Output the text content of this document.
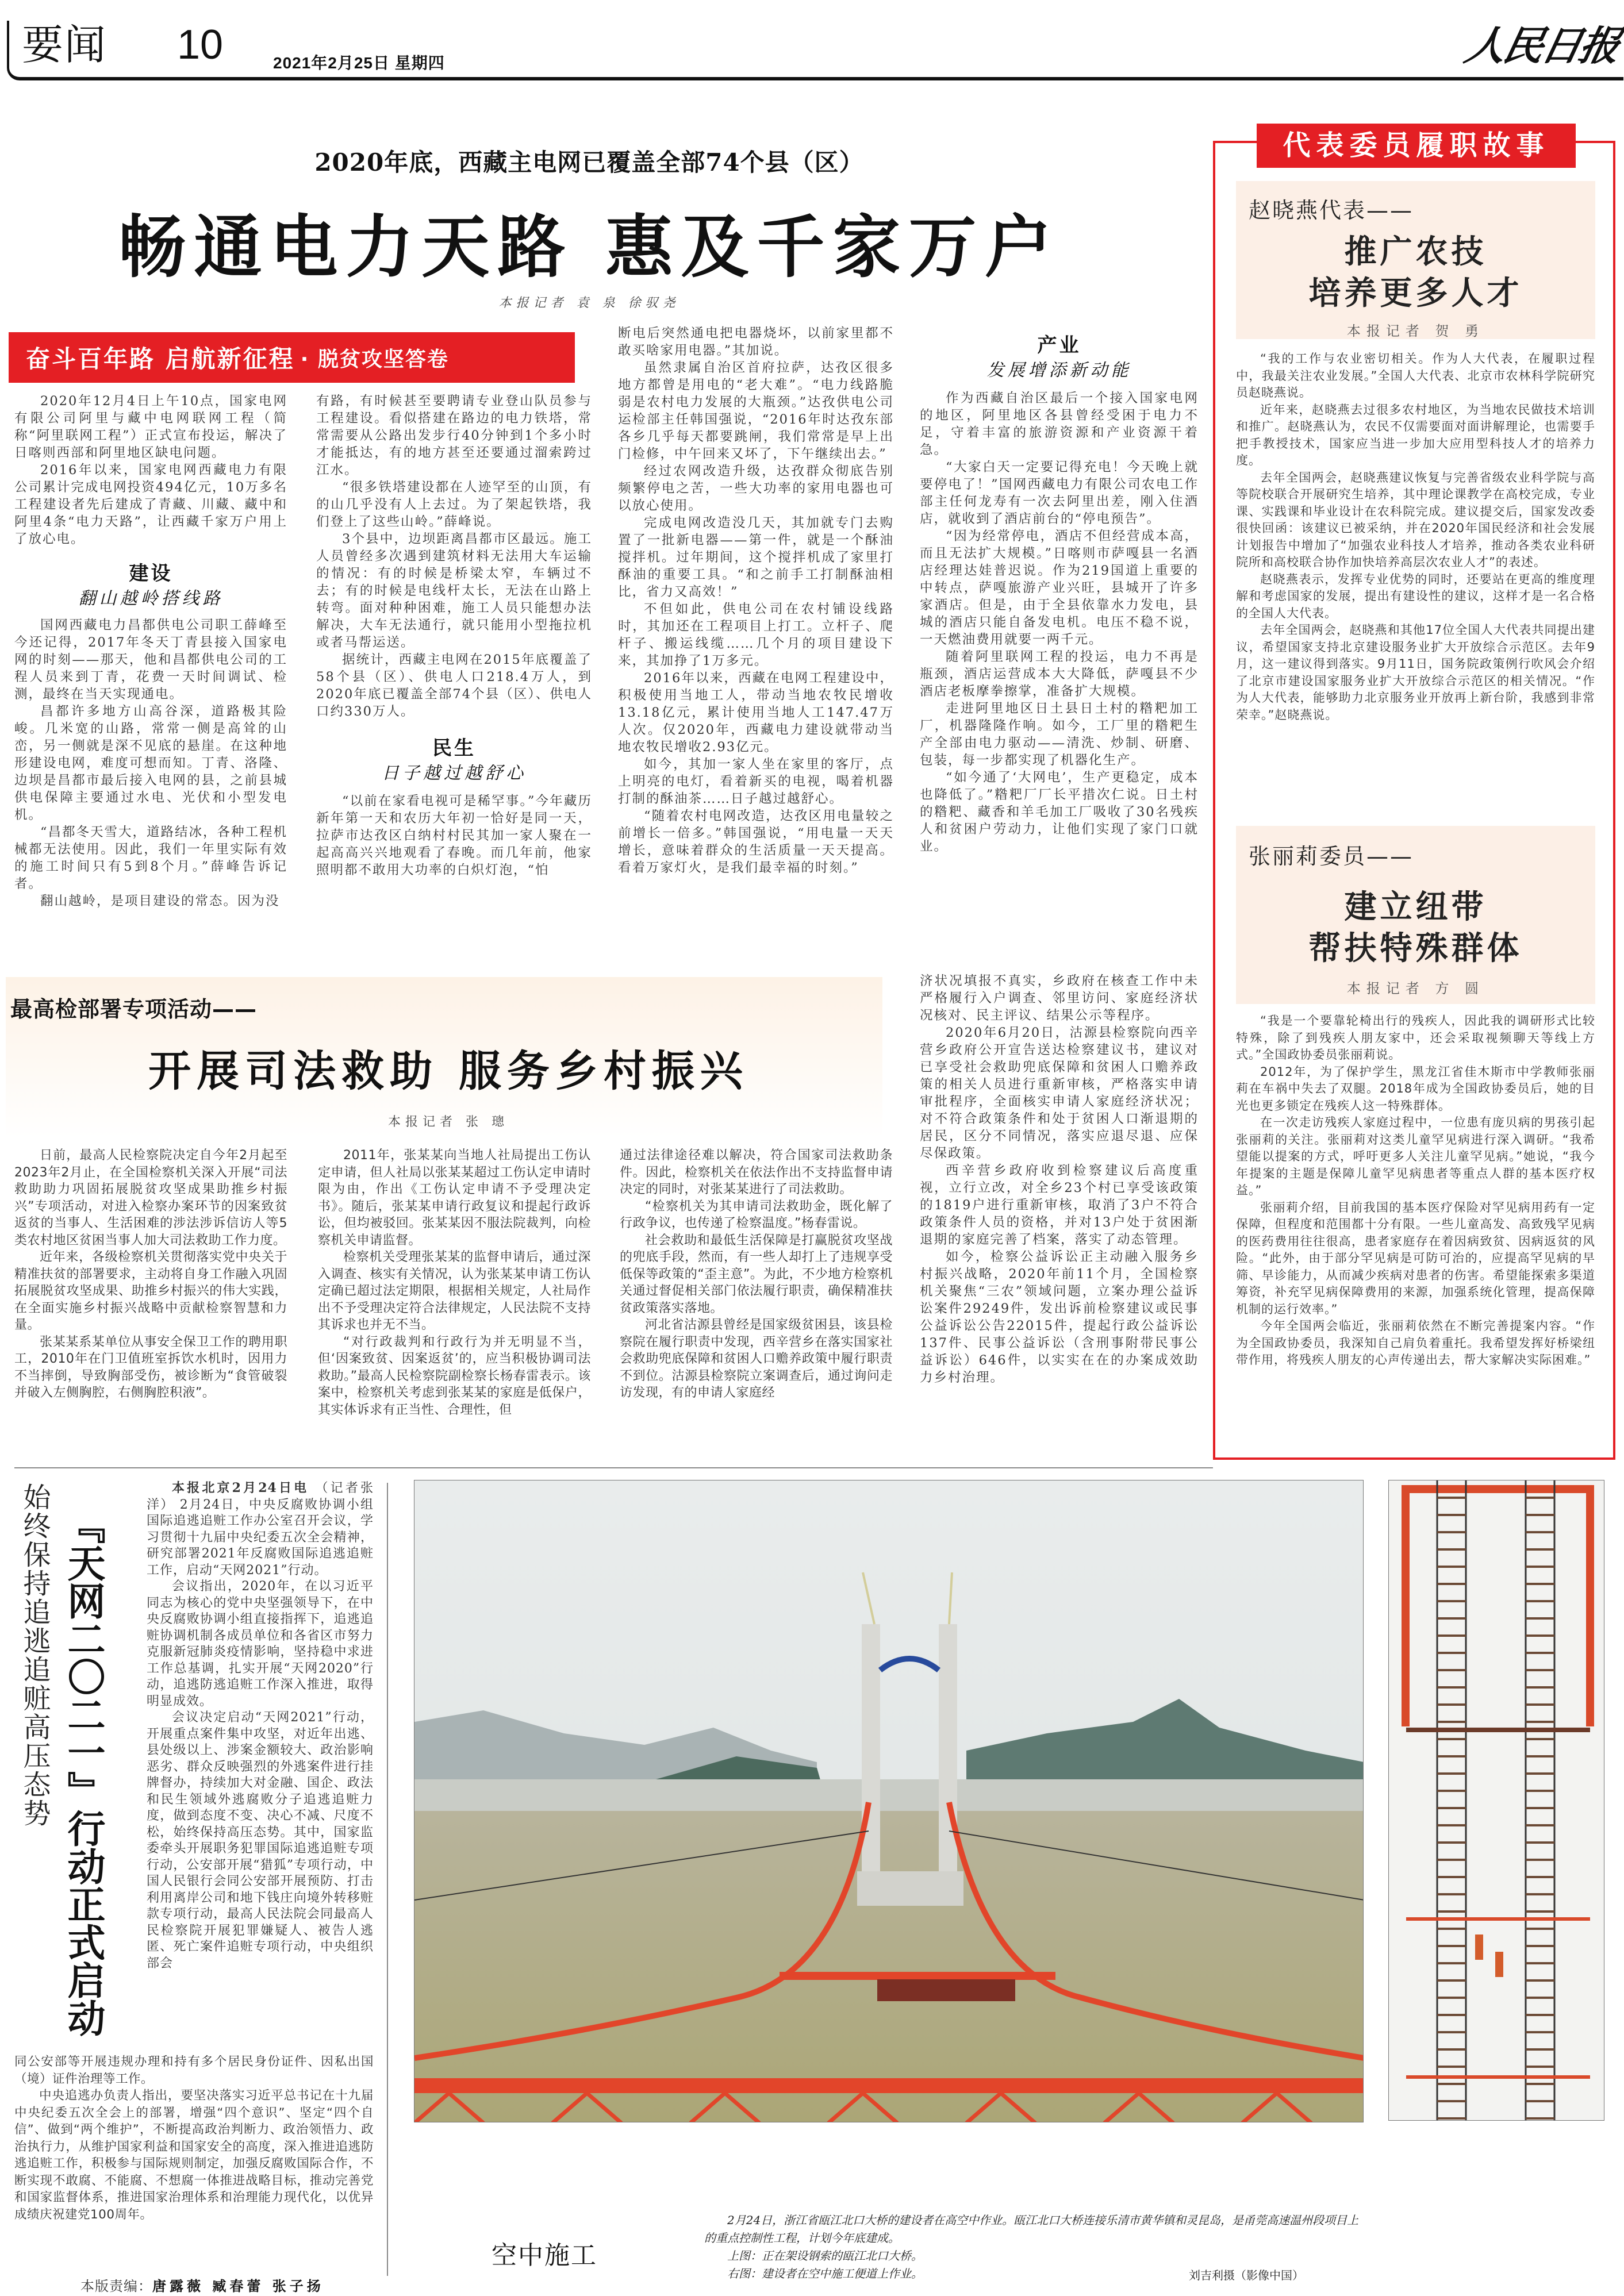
要闻 10	2021年2月25日 星期四	人民日报
2020年底，西藏主电网已覆盖全部74个县（区）
畅通电力天路 惠及千家万户
本报记者 袁 泉 徐驭尧
奋斗百年路 启航新征程 · 脱贫攻坚答卷

2020年12月4日上午10点，国家电网有限公司阿里与藏中电网联网工程（简称“阿里联网工程”）正式宣布投运，解决了日喀则西部和阿里地区缺电问题。

2016年以来，国家电网西藏电力有限公司累计完成电网投资494亿元，10万多名工程建设者先后建成了青藏、川藏、藏中和阿里4条“电力天路”，让西藏千家万户用上了放心电。

建设
翻山越岭搭线路

国网西藏电力昌都供电公司职工薛峰至今还记得，2017年冬天丁青县接入国家电网的时刻——那天，他和昌都供电公司的工程人员来到丁青，花费一天时间调试、检测，最终在当天实现通电。

昌都许多地方山高谷深，道路极其险峻。几米宽的山路，常常一侧是高耸的山峦，另一侧就是深不见底的悬崖。在这种地形建设电网，难度可想而知。丁青、洛隆、边坝是昌都市最后接入电网的县，之前县城供电保障主要通过水电、光伏和小型发电机。

“昌都冬天雪大，道路结冰，各种工程机械都无法使用。因此，我们一年里实际有效的施工时间只有5到8个月。”薛峰告诉记者。

翻山越岭，是项目建设的常态。因为没

有路，有时候甚至要聘请专业登山队员参与工程建设。看似搭建在路边的电力铁塔，常常需要从公路出发步行40分钟到1个多小时才能抵达，有的地方甚至还要通过溜索跨过江水。

“很多铁塔建设都在人迹罕至的山顶，有的山几乎没有人上去过。为了架起铁塔，我们登上了这些山岭。”薛峰说。

3个县中，边坝距离昌都市区最远。施工人员曾经多次遇到建筑材料无法用大车运输的情况：有的时候是桥梁太窄，车辆过不去；有的时候是电线杆太长，无法在山路上转弯。面对种种困难，施工人员只能想办法解决，大车无法通行，就只能用小型拖拉机或者马帮运送。

据统计，西藏主电网在2015年底覆盖了58个县（区）、供电人口218.4万人，到2020年底已覆盖全部74个县（区）、供电人口约330万人。

民生
日子越过越舒心

“以前在家看电视可是稀罕事。”今年藏历新年第一天和农历大年初一恰好是同一天，拉萨市达孜区白纳村村民其加一家人聚在一起高高兴兴地观看了春晚。而几年前，他家照明都不敢用大功率的白炽灯泡，“怕

断电后突然通电把电器烧坏，以前家里都不敢买啥家用电器。”其加说。

虽然隶属自治区首府拉萨，达孜区很多地方都曾是用电的“老大难”。“电力线路脆弱是农村电力发展的大瓶颈。”达孜供电公司运检部主任韩国强说，“2016年时达孜东部各乡几乎每天都要跳闸，我们常常是早上出门检修，中午回来又坏了，下午继续出去。”

经过农网改造升级，达孜群众彻底告别频繁停电之苦，一些大功率的家用电器也可以放心使用。

完成电网改造没几天，其加就专门去购置了一批新电器——第一件，就是一个酥油搅拌机。过年期间，这个搅拌机成了家里打酥油的重要工具。“和之前手工打制酥油相比，省力又高效！”

不但如此，供电公司在农村铺设线路时，其加还在工程项目上打工。立杆子、爬杆子、搬运线缆……几个月的项目建设下来，其加挣了1万多元。

2016年以来，西藏在电网工程建设中，积极使用当地工人，带动当地农牧民增收13.18亿元，累计使用当地人工147.47万人次。仅2020年，西藏电力建设就带动当地农牧民增收2.93亿元。

如今，其加一家人坐在家里的客厅，点上明亮的电灯，看着新买的电视，喝着机器打制的酥油茶……日子越过越舒心。

“随着农村电网改造，达孜区用电量较之前增长一倍多。”韩国强说，“用电量一天天增长，意味着群众的生活质量一天天提高。看着万家灯火，是我们最幸福的时刻。”

产业
发展增添新动能

作为西藏自治区最后一个接入国家电网的地区，阿里地区各县曾经受困于电力不足，守着丰富的旅游资源和产业资源干着急。

“大家白天一定要记得充电！今天晚上就要停电了！”国网西藏电力有限公司农电工作部主任何龙寿有一次去阿里出差，刚入住酒店，就收到了酒店前台的“停电预告”。

“因为经常停电，酒店不但经营成本高，而且无法扩大规模。”日喀则市萨嘎县一名酒店经理达娃普迟说。作为219国道上重要的中转点，萨嘎旅游产业兴旺，县城开了许多家酒店。但是，由于全县依靠水力发电，县城的酒店只能自备发电机。电压不稳不说，一天燃油费用就要一两千元。

随着阿里联网工程的投运，电力不再是瓶颈，酒店运营成本大大降低，萨嘎县不少酒店老板摩拳擦掌，准备扩大规模。

走进阿里地区日土县日土村的糌粑加工厂，机器隆隆作响。如今，工厂里的糌粑生产全部由电力驱动——清洗、炒制、研磨、包装，每一步都实现了机器化生产。

“如今通了‘大网电’，生产更稳定，成本也降低了。”糌粑厂厂长平措次仁说。日土村的糌粑、藏香和羊毛加工厂吸收了30名残疾人和贫困户劳动力，让他们实现了家门口就业。

代表委员履职故事
赵晓燕代表——
推广农技
培养更多人才
本报记者 贺 勇

“我的工作与农业密切相关。作为人大代表，在履职过程中，我最关注农业发展。”全国人大代表、北京市农林科学院研究员赵晓燕说。

近年来，赵晓燕去过很多农村地区，为当地农民做技术培训和推广。赵晓燕认为，农民不仅需要面对面讲解理论，也需要手把手教授技术，国家应当进一步加大应用型科技人才的培养力度。

去年全国两会，赵晓燕建议恢复与完善省级农业科学院与高等院校联合开展研究生培养，其中理论课教学在高校完成，专业课、实践课和毕业设计在农科院完成。建议提交后，国家发改委很快回函：该建议已被采纳，并在2020年国民经济和社会发展计划报告中增加了“加强农业科技人才培养，推动各类农业科研院所和高校联合协作加快培养高层次农业人才”的表述。

赵晓燕表示，发挥专业优势的同时，还要站在更高的维度理解和考虑国家的发展，提出有建设性的建议，这样才是一名合格的全国人大代表。

去年全国两会，赵晓燕和其他17位全国人大代表共同提出建议，希望国家支持北京建设服务业扩大开放综合示范区。去年9月，这一建议得到落实。9月11日，国务院政策例行吹风会介绍了北京市建设国家服务业扩大开放综合示范区的相关情况。“作为人大代表，能够助力北京服务业开放再上新台阶，我感到非常荣幸。”赵晓燕说。

张丽莉委员——
建立纽带
帮扶特殊群体
本报记者 方 圆

“我是一个要靠轮椅出行的残疾人，因此我的调研形式比较特殊，除了到残疾人朋友家中，还会采取视频聊天等线上方式。”全国政协委员张丽莉说。

2012年，为了保护学生，黑龙江省佳木斯市中学教师张丽莉在车祸中失去了双腿。2018年成为全国政协委员后，她的目光也更多锁定在残疾人这一特殊群体。

在一次走访残疾人家庭过程中，一位患有庞贝病的男孩引起张丽莉的关注。张丽莉对这类儿童罕见病进行深入调研。“我希望能以提案的方式，呼吁更多人关注儿童罕见病。”她说，“我今年提案的主题是保障儿童罕见病患者等重点人群的基本医疗权益。”

张丽莉介绍，目前我国的基本医疗保险对罕见病用药有一定保障，但程度和范围都十分有限。一些儿童高发、高致残罕见病的医药费用往往很高，患者家庭存在着因病致贫、因病返贫的风险。“此外，由于部分罕见病是可防可治的，应提高罕见病的早筛、早诊能力，从而减少疾病对患者的伤害。希望能探索多渠道筹资，补充罕见病保障费用的来源，加强系统化管理，提高保障机制的运行效率。”

今年全国两会临近，张丽莉依然在不断完善提案内容。“作为全国政协委员，我深知自己肩负着重托。我希望发挥好桥梁纽带作用，将残疾人朋友的心声传递出去，帮大家解决实际困难。”

最高检部署专项活动——
开展司法救助 服务乡村振兴
本报记者 张 璁

日前，最高人民检察院决定自今年2月起至2023年2月止，在全国检察机关深入开展“司法救助助力巩固拓展脱贫攻坚成果助推乡村振兴”专项活动，对进入检察办案环节的因案致贫返贫的当事人、生活困难的涉法涉诉信访人等5类农村地区贫困当事人加大司法救助工作力度。

近年来，各级检察机关贯彻落实党中央关于精准扶贫的部署要求，主动将自身工作融入巩固拓展脱贫攻坚成果、助推乡村振兴的伟大实践，在全面实施乡村振兴战略中贡献检察智慧和力量。

张某某系某单位从事安全保卫工作的聘用职工，2010年在门卫值班室拆饮水机时，因用力不当摔倒，导致胸部受伤，被诊断为“食管破裂并破入左侧胸腔，右侧胸腔积液”。

2011年，张某某向当地人社局提出工伤认定申请，但人社局以张某某超过工伤认定申请时限为由，作出《工伤认定申请不予受理决定书》。随后，张某某申请行政复议和提起行政诉讼，但均被驳回。张某某因不服法院裁判，向检察机关申请监督。

检察机关受理张某某的监督申请后，通过深入调查、核实有关情况，认为张某某申请工伤认定确已超过法定期限，根据相关规定，人社局作出不予受理决定符合法律规定，人民法院不支持其诉求也并无不当。

“对行政裁判和行政行为并无明显不当，但‘因案致贫、因案返贫’的，应当积极协调司法救助。”最高人民检察院副检察长杨春雷表示。该案中，检察机关考虑到张某某的家庭是低保户，其实体诉求有正当性、合理性，但

通过法律途径难以解决，符合国家司法救助条件。因此，检察机关在依法作出不支持监督申请决定的同时，对张某某进行了司法救助。

“检察机关为其申请司法救助金，既化解了行政争议，也传递了检察温度。”杨春雷说。

社会救助和最低生活保障是打赢脱贫攻坚战的兜底手段，然而，有一些人却打上了违规享受低保等政策的“歪主意”。为此，不少地方检察机关通过督促相关部门依法履行职责，确保精准扶贫政策落实落地。

河北省沽源县曾经是国家级贫困县，该县检察院在履行职责中发现，西辛营乡在落实国家社会救助兜底保障和贫困人口赡养政策中履行职责不到位。沽源县检察院立案调查后，通过询问走访发现，有的申请人家庭经

济状况填报不真实，乡政府在核查工作中未严格履行入户调查、邻里访问、家庭经济状况核对、民主评议、结果公示等程序。

2020年6月20日，沽源县检察院向西辛营乡政府公开宣告送达检察建议书，建议对已享受社会救助兜底保障和贫困人口赡养政策的相关人员进行重新审核，严格落实申请审批程序，全面核实申请人家庭经济状况；对不符合政策条件和处于贫困人口渐退期的居民，区分不同情况，落实应退尽退、应保尽保政策。

西辛营乡政府收到检察建议后高度重视，立行立改，对全乡23个村已享受该政策的1819户进行重新审核，取消了3户不符合政策条件人员的资格，并对13户处于贫困渐退期的家庭完善了档案，落实了动态管理。

如今，检察公益诉讼正主动融入服务乡村振兴战略，2020年前11个月，全国检察机关聚焦“三农”领域问题，立案办理公益诉讼案件29249件，发出诉前检察建议或民事公益诉讼公告22015件，提起行政公益诉讼137件、民事公益诉讼（含刑事附带民事公益诉讼）646件，以实实在在的办案成效助力乡村治理。

始终保持追逃追赃高压态势 『天网二〇二一』行动正式启动

本报北京2月24日电 （记者张洋） 2月24日，中央反腐败协调小组国际追逃追赃工作办公室召开会议，学习贯彻十九届中央纪委五次全会精神，研究部署2021年反腐败国际追逃追赃工作，启动“天网2021”行动。

会议指出，2020年，在以习近平同志为核心的党中央坚强领导下，在中央反腐败协调小组直接指挥下，追逃追赃协调机制各成员单位和各省区市努力克服新冠肺炎疫情影响，坚持稳中求进工作总基调，扎实开展“天网2020”行动，追逃防逃追赃工作深入推进，取得明显成效。

会议决定启动“天网2021”行动，开展重点案件集中攻坚，对近年出逃、县处级以上、涉案金额较大、政治影响恶劣、群众反映强烈的外逃案件进行挂牌督办，持续加大对金融、国企、政法和民生领域外逃腐败分子追逃追赃力度，做到态度不变、决心不减、尺度不松，始终保持高压态势。其中，国家监委牵头开展职务犯罪国际追逃追赃专项行动，公安部开展“猎狐”专项行动，中国人民银行会同公安部开展预防、打击利用离岸公司和地下钱庄向境外转移赃款专项行动，最高人民法院会同最高人民检察院开展犯罪嫌疑人、被告人逃匿、死亡案件追赃专项行动，中央组织部会

同公安部等开展违规办理和持有多个居民身份证件、因私出国（境）证件治理等工作。

中央追逃办负责人指出，要坚决落实习近平总书记在十九届中央纪委五次全会上的部署，增强“四个意识”、坚定“四个自信”、做到“两个维护”，不断提高政治判断力、政治领悟力、政治执行力，从维护国家利益和国家安全的高度，深入推进追逃防逃追赃工作，积极参与国际规则制定，加强反腐败国际合作，不断实现不敢腐、不能腐、不想腐一体推进战略目标，推动完善党和国家监督体系，推进国家治理体系和治理能力现代化，以优异成绩庆祝建党100周年。

空中施工

2月24日，浙江省瓯江北口大桥的建设者在高空中作业。瓯江北口大桥连接乐清市黄华镇和灵昆岛，是甬莞高速温州段项目上的重点控制性工程，计划今年底建成。

上图：正在架设钢索的瓯江北口大桥。

右图：建设者在空中施工便道上作业。	刘吉利摄（影像中国）
本版责编：唐露薇 臧春蕾 张子扬
